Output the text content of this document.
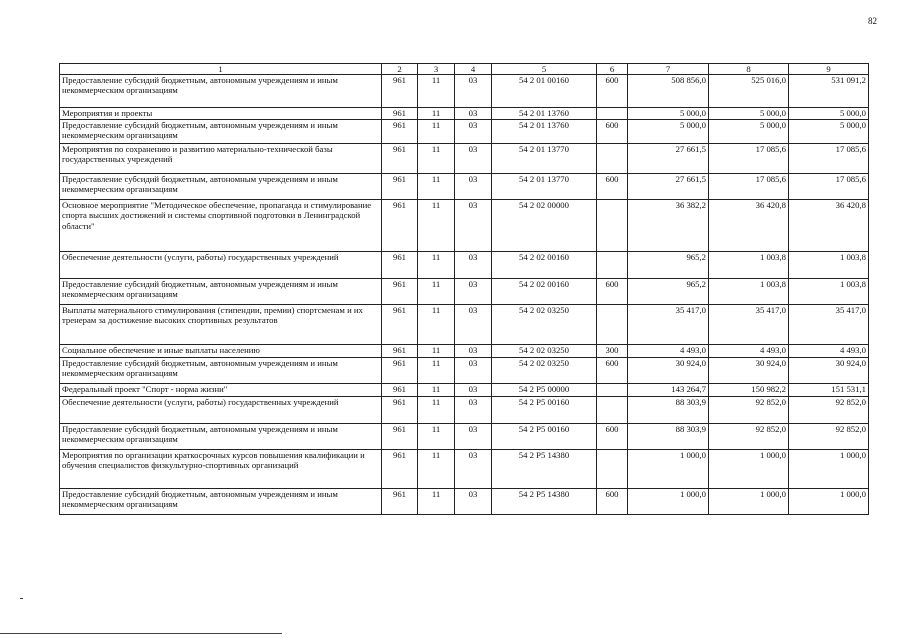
82
1	2	3	4	5	6	7	8	9
Предоставление субсидий бюджетным, автономным учреждениям и иным некоммерческим организациям	961	11	03	54 2 01 00160	600	508 856,0	525 016,0	531 091,2
Мероприятия и проекты	961	11	03	54 2 01 13760		5 000,0	5 000,0	5 000,0
Предоставление субсидий бюджетным, автономным учреждениям и иным некоммерческим организациям	961	11	03	54 2 01 13760	600	5 000,0	5 000,0	5 000,0
Мероприятия по сохранению и развитию материально-технической базы государственных учреждений	961	11	03	54 2 01 13770		27 661,5	17 085,6	17 085,6
Предоставление субсидий бюджетным, автономным учреждениям и иным некоммерческим организациям	961	11	03	54 2 01 13770	600	27 661,5	17 085,6	17 085,6
Основное мероприятие "Методическое обеспечение, пропаганда и стимулирование спорта высших достижений и системы спортивной подготовки в Ленинградской области"	961	11	03	54 2 02 00000		36 382,2	36 420,8	36 420,8
Обеспечение деятельности (услуги, работы) государственных учреждений	961	11	03	54 2 02 00160		965,2	1 003,8	1 003,8
Предоставление субсидий бюджетным, автономным учреждениям и иным некоммерческим организациям	961	11	03	54 2 02 00160	600	965,2	1 003,8	1 003,8
Выплаты материального стимулирования (стипендии, премии) спортсменам и их тренерам за достижение высоких спортивных результатов	961	11	03	54 2 02 03250		35 417,0	35 417,0	35 417,0
Социальное обеспечение и иные выплаты населению	961	11	03	54 2 02 03250	300	4 493,0	4 493,0	4 493,0
Предоставление субсидий бюджетным, автономным учреждениям и иным некоммерческим организациям	961	11	03	54 2 02 03250	600	30 924,0	30 924,0	30 924,0
Федеральный проект "Спорт - норма жизни"	961	11	03	54 2 P5 00000		143 264,7	150 982,2	151 531,1
Обеспечение деятельности (услуги, работы) государственных учреждений	961	11	03	54 2 P5 00160		88 303,9	92 852,0	92 852,0
Предоставление субсидий бюджетным, автономным учреждениям и иным некоммерческим организациям	961	11	03	54 2 P5 00160	600	88 303,9	92 852,0	92 852,0
Мероприятия по организации краткосрочных курсов повышения квалификации и обучения специалистов физкультурно-спортивных организаций	961	11	03	54 2 P5 14380		1 000,0	1 000,0	1 000,0
Предоставление субсидий бюджетным, автономным учреждениям и иным некоммерческим организациям	961	11	03	54 2 P5 14380	600	1 000,0	1 000,0	1 000,0
